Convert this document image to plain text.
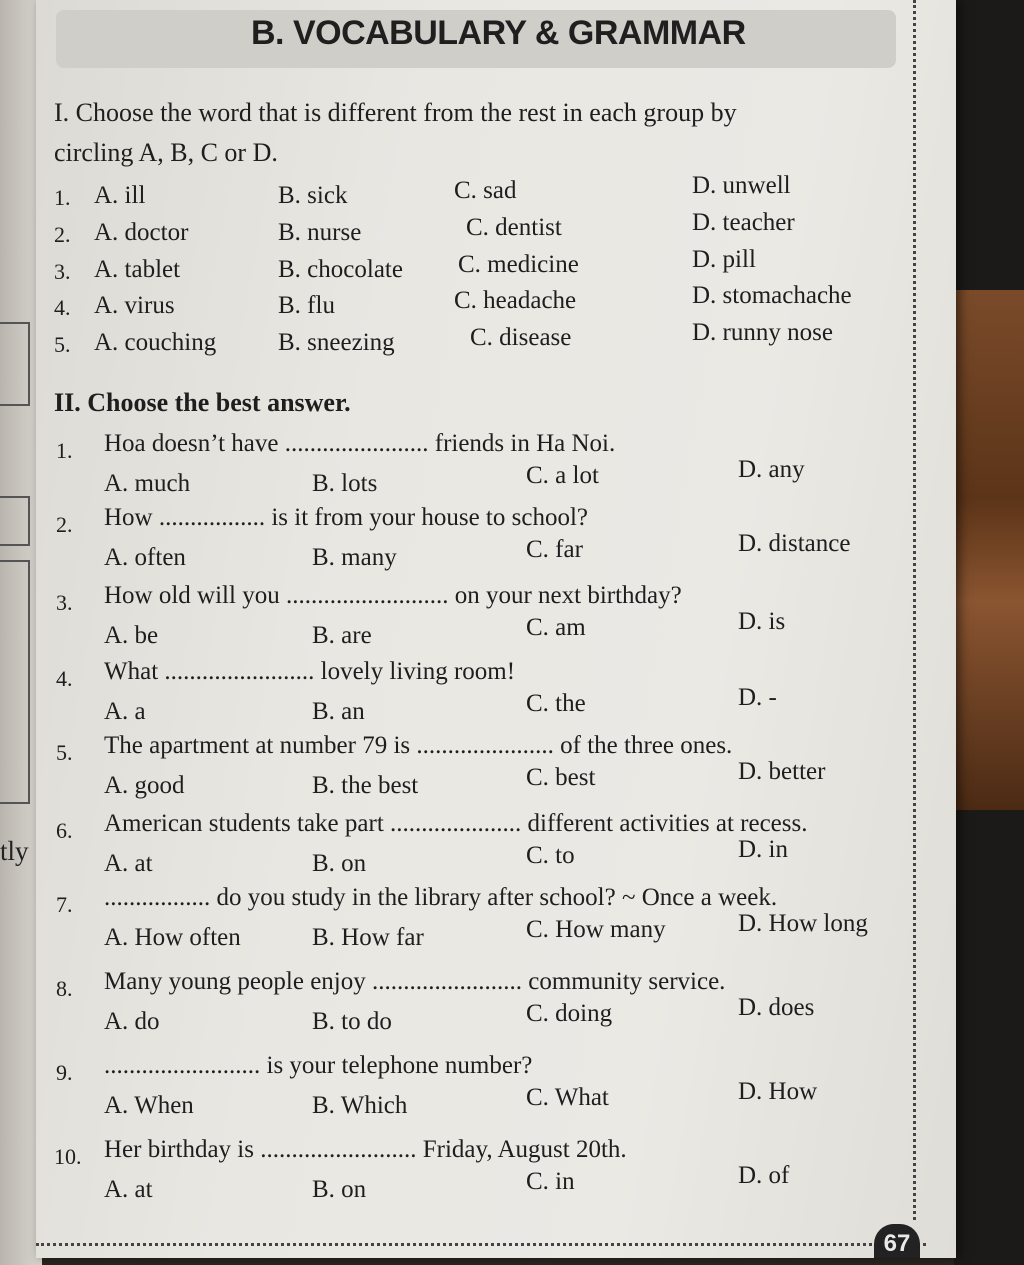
tly
B. VOCABULARY & GRAMMAR
I. Choose the word that is different from the rest in each group by
circling A, B, C or D.
1. A. ill	B. sick	C. sad	D. unwell
2. A. doctor	B. nurse	C. dentist	D. teacher
3. A. tablet	B. chocolate C. medicine	D. pill
4. A. virus	B. flu	C. headache	D. stomachache
5. A. couching B. sneezing	C. disease	D. runny nose
II. Choose the best answer.
1. Hoa doesn’t have ....................... friends in Ha Noi.
A. much	B. lots	C. a lot	D. any
2. How ................. is it from your house to school?
A. often	B. many	C. far	D. distance
3. How old will you .......................... on your next birthday?
A. be	B. are	C. am	D. is
4. What ........................ lovely living room!
A. a	B. an	C. the	D. -
5. The apartment at number 79 is ...................... of the three ones.
A. good	B. the best	C. best	D. better
6. American students take part ..................... different activities at recess.
A. at	B. on	C. to	D. in
7. ................. do you study in the library after school? ~ Once a week.
A. How often	B. How far	C. How many	D. How long
8. Many young people enjoy ........................ community service.
A. do	B. to do	C. doing	D. does
9. ......................... is your telephone number?
A. When	B. Which	C. What	D. How
10. Her birthday is ......................... Friday, August 20th.
A. at	B. on	C. in	D. of
67
